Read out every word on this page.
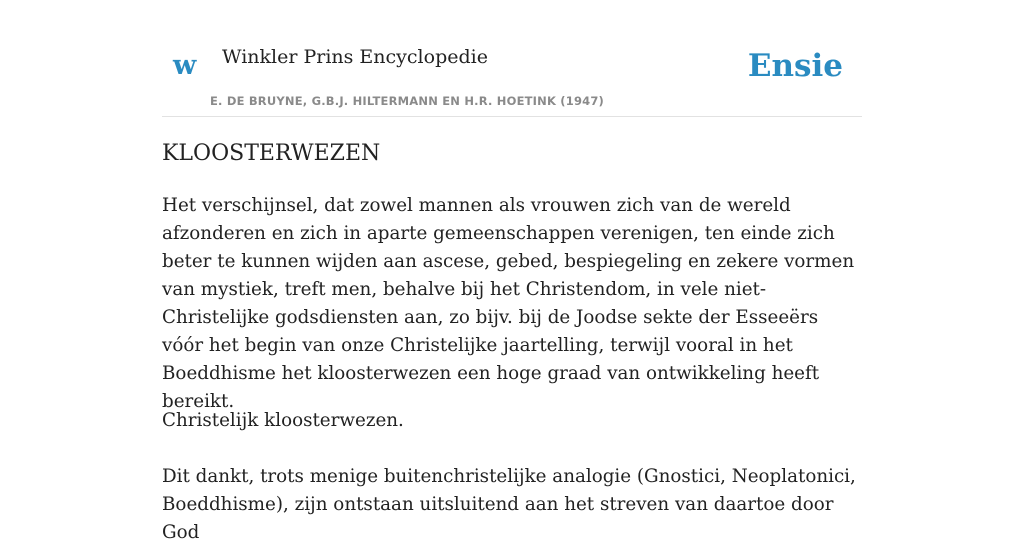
w Winkler Prins Encyclopedie
E. DE BRUYNE, G.B.J. HILTERMANN EN H.R. HOETINK (1947)
Ensie
KLOOSTERWEZEN

Het verschijnsel, dat zowel mannen als vrouwen zich van de wereld afzonderen en zich in aparte gemeenschappen verenigen, ten einde zich beter te kunnen wijden aan ascese, gebed, bespiegeling en zekere vormen van mystiek, treft men, behalve bij het Christendom, in vele niet-Christelijke godsdiensten aan, zo bijv. bij de Joodse sekte der Esseeërs vóór het begin van onze Christelijke jaartelling, terwijl vooral in het Boeddhisme het kloosterwezen een hoge graad van ontwikkeling heeft bereikt.

Christelijk kloosterwezen.

Dit dankt, trots menige buitenchristelijke analogie (Gnostici, Neoplatonici, Boeddhisme), zijn ontstaan uitsluitend aan het streven van daartoe door God
